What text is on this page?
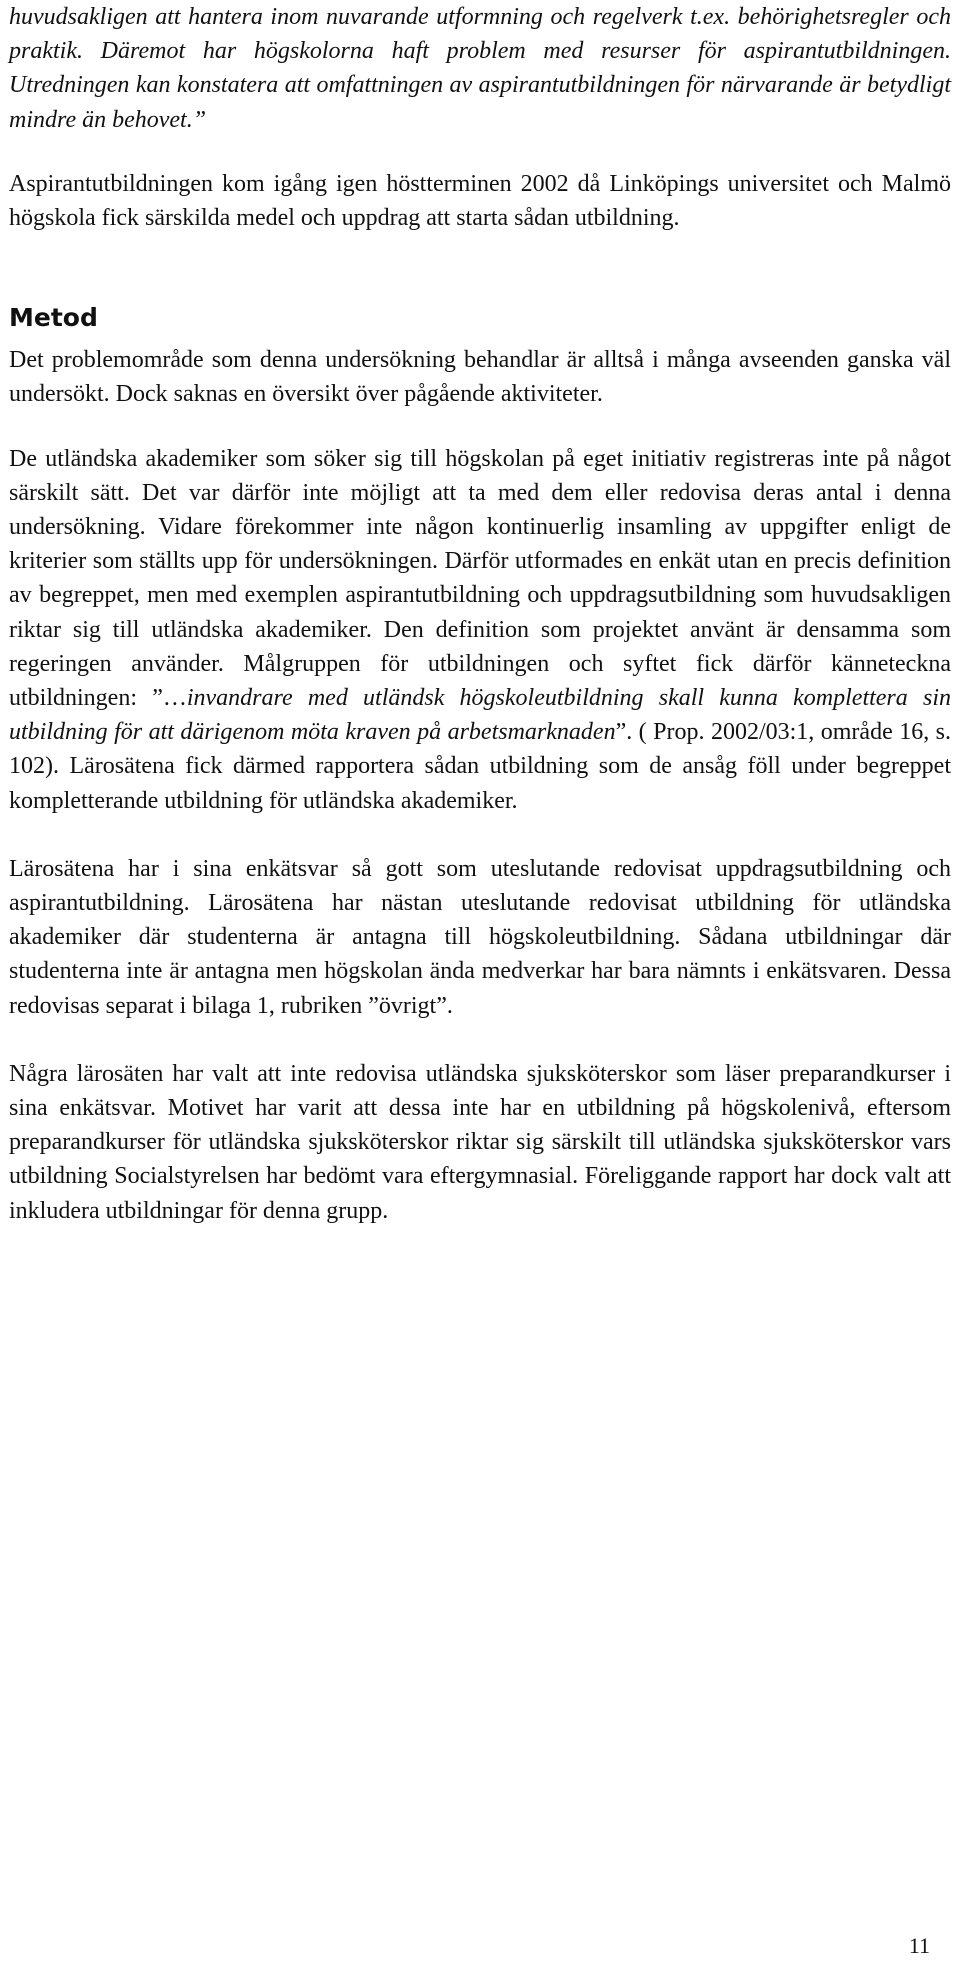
huvudsakligen att hantera inom nuvarande utformning och regelverk t.ex. behörighetsregler och praktik. Däremot har högskolorna haft problem med resurser för aspirantutbildningen. Utredningen kan konstatera att omfattningen av aspirantutbildningen för närvarande är betydligt mindre än behovet.”

Aspirantutbildningen kom igång igen höstterminen 2002 då Linköpings universitet och Malmö högskola fick särskilda medel och uppdrag att starta sådan utbildning.

Metod

Det problemområde som denna undersökning behandlar är alltså i många avseenden ganska väl undersökt. Dock saknas en översikt över pågående aktiviteter.

De utländska akademiker som söker sig till högskolan på eget initiativ registreras inte på något särskilt sätt. Det var därför inte möjligt att ta med dem eller redovisa deras antal i denna undersökning. Vidare förekommer inte någon kontinuerlig insamling av uppgifter enligt de kriterier som ställts upp för undersökningen. Därför utformades en enkät utan en precis definition av begreppet, men med exemplen aspirantutbildning och uppdragsutbildning som huvudsakligen riktar sig till utländska akademiker. Den definition som projektet använt är densamma som regeringen använder. Målgruppen för utbildningen och syftet fick därför känneteckna utbildningen: ”…invandrare med utländsk högskoleutbildning skall kunna komplettera sin utbildning för att därigenom möta kraven på arbetsmarknaden”. ( Prop. 2002/03:1, område 16, s. 102). Lärosätena fick därmed rapportera sådan utbildning som de ansåg föll under begreppet kompletterande utbildning för utländska akademiker.

Lärosätena har i sina enkätsvar så gott som uteslutande redovisat uppdragsutbildning och aspirantutbildning. Lärosätena har nästan uteslutande redovisat utbildning för utländska akademiker där studenterna är antagna till högskoleutbildning. Sådana utbildningar där studenterna inte är antagna men högskolan ända medverkar har bara nämnts i enkätsvaren. Dessa redovisas separat i bilaga 1, rubriken ”övrigt”.

Några lärosäten har valt att inte redovisa utländska sjuksköterskor som läser preparandkurser i sina enkätsvar. Motivet har varit att dessa inte har en utbildning på högskolenivå, eftersom preparandkurser för utländska sjuksköterskor riktar sig särskilt till utländska sjuksköterskor vars utbildning Socialstyrelsen har bedömt vara eftergymnasial. Föreliggande rapport har dock valt att inkludera utbildningar för denna grupp.

11
